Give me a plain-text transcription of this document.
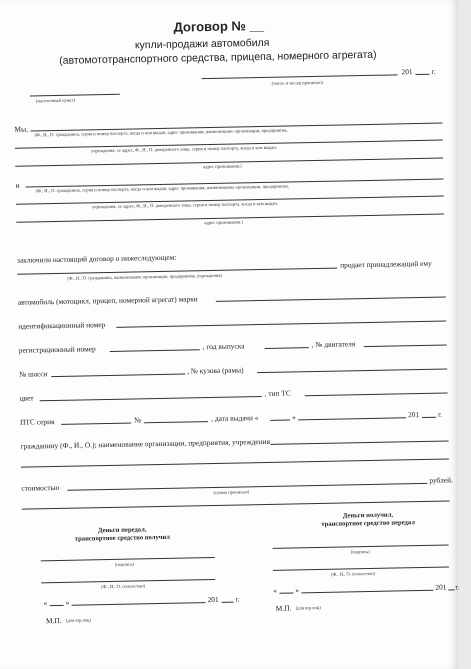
Договор № __
купли-продажи автомобиля
(автомототранспортного средства, прицепа, номерного агрегата)
201	г.
(населенный пункт)
(число и месяц прописью)
Мы, (Ф., И., О. гражданина, серия и номер паспорта, когда и кем выдан, адрес проживания; наименование организации, предприятия,
учреждения, ее адрес, Ф., И., О. доверенного лица, серия и номер паспорта, когда и кем выдан,
адрес проживания.)
и	(Ф., И., О. гражданина, серия и номер паспорта, когда и кем выдан, адрес проживания; наименование организации, предприятия,
учреждения, ее адрес, Ф., И., О. доверенного лица, серия и номер паспорта, когда и кем выдан,
адрес проживания.)
заключили настоящий договор о нижеследующем:	продает принадлежащий ему
(Ф., И., О. гражданина, наименование организации, предприятия, учреждения)
автомобиль (мотоцикл, прицеп, номерной агрегат) марки
идентификационный номер
регистрационный номер	, год выпуска	, № двигателя
№ шасси	, № кузова (рамы)
цвет
, тип ТС
ПТС серия	№	, дата выдачи «	»	201	г.
гражданину (Ф., И., О.); наименование организации, предприятия, учреждения
стоимостью
рублей.
(сумма прописью)
Деньги передал,
транспортное средство получил
(подпись)
(Ф., И., О. полностью)
« »	201 г.
М.П. (для юр.лиц)
Деньги получил,
транспортное средство передал
(подпись)
(Ф., И., О. полностью)
« »	201 г.
М.П. (для юр.лиц)
